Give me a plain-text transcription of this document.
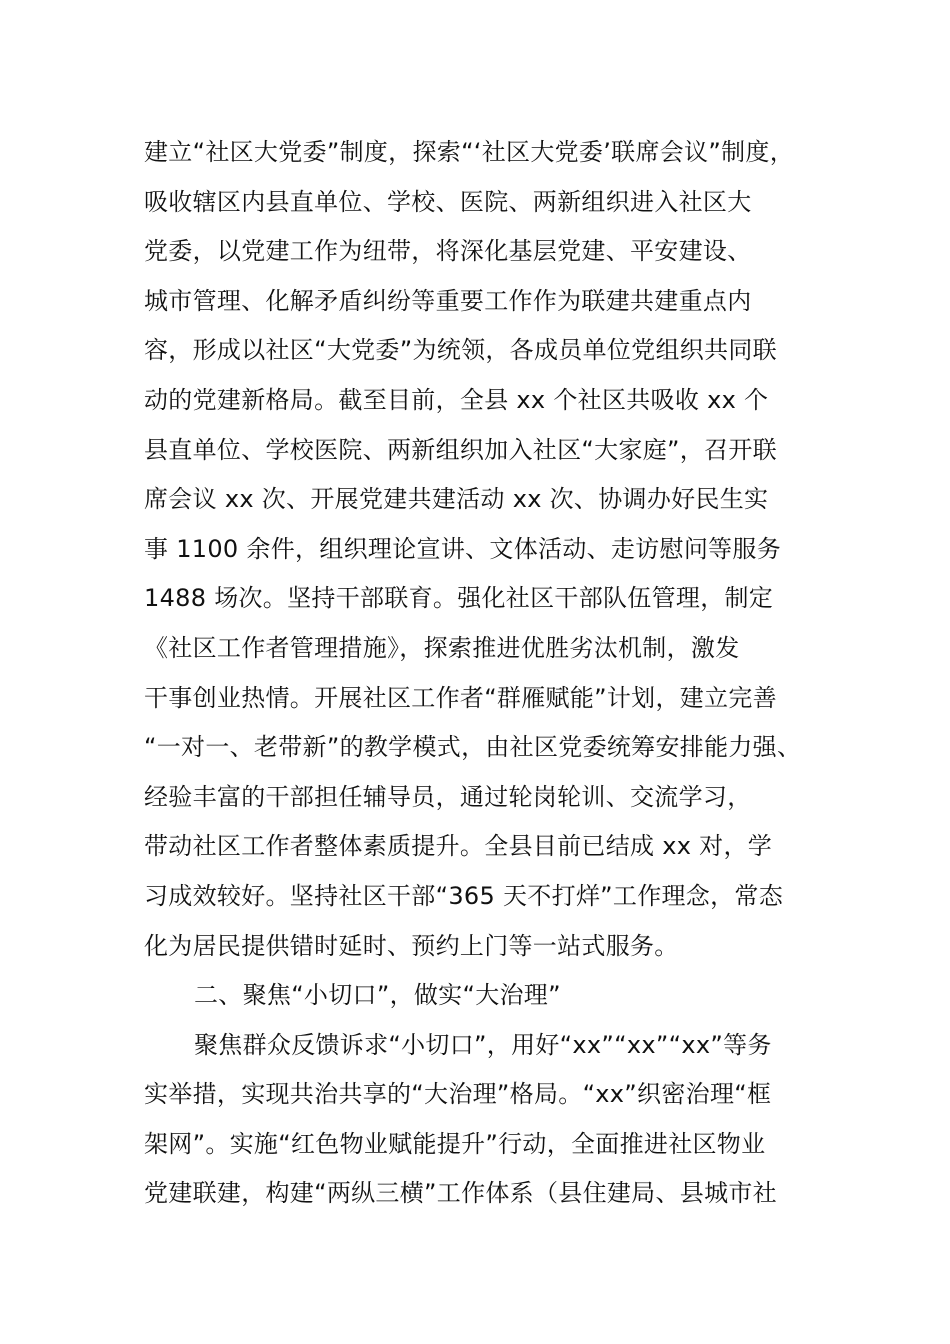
建立“社区大党委”制度，探索“‘社区大党委’联席会议”制度，
吸收辖区内县直单位、学校、医院、两新组织进入社区大
党委，以党建工作为纽带，将深化基层党建、平安建设、
城市管理、化解矛盾纠纷等重要工作作为联建共建重点内
容，形成以社区“大党委”为统领，各成员单位党组织共同联
动的党建新格局。截至目前，全县 xx 个社区共吸收 xx 个
县直单位、学校医院、两新组织加入社区“大家庭”，召开联
席会议 xx 次、开展党建共建活动 xx 次、协调办好民生实
事 1100 余件，组织理论宣讲、文体活动、走访慰问等服务
1488 场次。坚持干部联育。强化社区干部队伍管理，制定
《社区工作者管理措施》，探索推进优胜劣汰机制，激发
干事创业热情。开展社区工作者“群雁赋能”计划，建立完善
“一对一、老带新”的教学模式，由社区党委统筹安排能力强、
经验丰富的干部担任辅导员，通过轮岗轮训、交流学习，
带动社区工作者整体素质提升。全县目前已结成 xx 对，学
习成效较好。坚持社区干部“365 天不打烊”工作理念，常态
化为居民提供错时延时、预约上门等一站式服务。
二、聚焦“小切口”，做实“大治理”
聚焦群众反馈诉求“小切口”，用好“xx”“xx”“xx”等务
实举措，实现共治共享的“大治理”格局。“xx”织密治理“框
架网”。实施“红色物业赋能提升”行动，全面推进社区物业
党建联建，构建“两纵三横”工作体系（县住建局、县城市社
